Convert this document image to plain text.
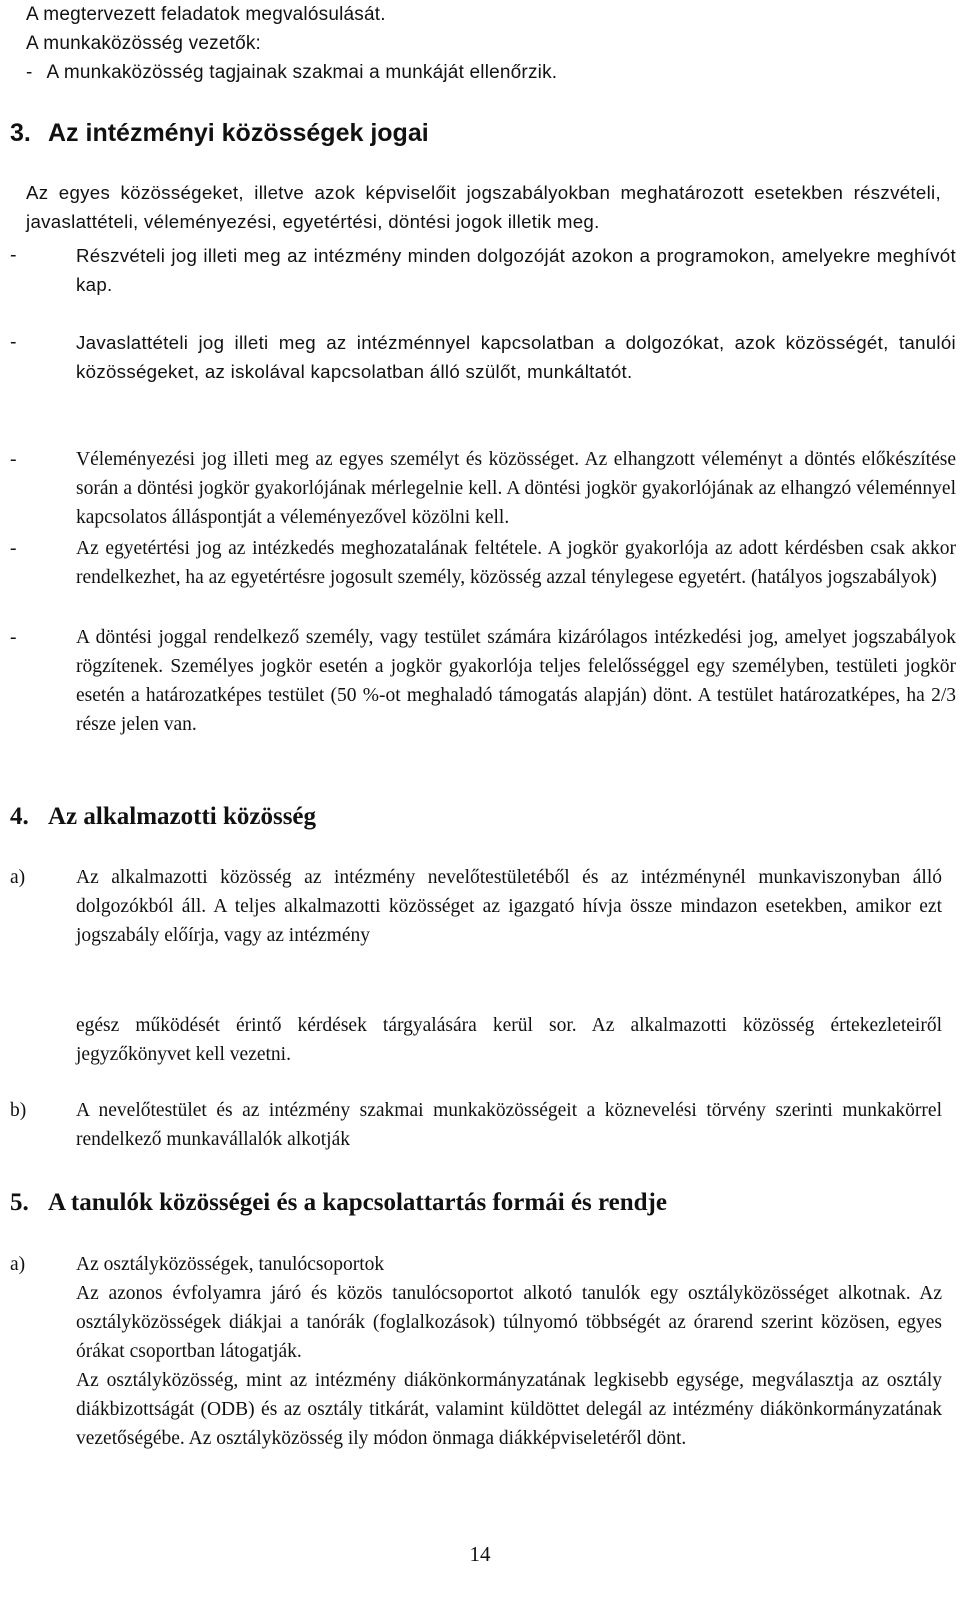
A megtervezett feladatok megvalósulását.
A munkaközösség vezetők:
- A munkaközösség tagjainak szakmai a munkáját ellenőrzik.
3. Az intézményi közösségek jogai

Az egyes közösségeket, illetve azok képviselőit jogszabályokban meghatározott esetekben részvételi, javaslattételi, véleményezési, egyetértési, döntési jogok illetik meg.

-	Részvételi jog illeti meg az intézmény minden dolgozóját azokon a programokon, amelyekre meghívót kap.

-	Javaslattételi jog illeti meg az intézménnyel kapcsolatban a dolgozókat, azok közösségét, tanulói közösségeket, az iskolával kapcsolatban álló szülőt, munkáltatót.

-	Véleményezési jog illeti meg az egyes személyt és közösséget. Az elhangzott véleményt a döntés előkészítése során a döntési jogkör gyakorlójának mérlegelnie kell. A döntési jogkör gyakorlójának az elhangzó véleménnyel kapcsolatos álláspontját a véleményezővel közölni kell.

-	Az egyetértési jog az intézkedés meghozatalának feltétele. A jogkör gyakorlója az adott kérdésben csak akkor rendelkezhet, ha az egyetértésre jogosult személy, közösség azzal ténylegese egyetért. (hatályos jogszabályok)

-	A döntési joggal rendelkező személy, vagy testület számára kizárólagos intézkedési jog, amelyet jogszabályok rögzítenek. Személyes jogkör esetén a jogkör gyakorlója teljes felelősséggel egy személyben, testületi jogkör esetén a határozatképes testület (50 %-ot meghaladó támogatás alapján) dönt. A testület határozatképes, ha 2/3 része jelen van.

4. Az alkalmazotti közösség
a)	Az alkalmazotti közösség az intézmény nevelőtestületéből és az intézménynél munkaviszonyban álló dolgozókból áll. A teljes alkalmazotti közösséget az igazgató hívja össze mindazon esetekben, amikor ezt jogszabály előírja, vagy az intézmény

egész működését érintő kérdések tárgyalására kerül sor. Az alkalmazotti közösség értekezleteiről jegyzőkönyvet kell vezetni.

b)	A nevelőtestület és az intézmény szakmai munkaközösségeit a köznevelési törvény szerinti munkakörrel rendelkező munkavállalók alkotják

5. A tanulók közösségei és a kapcsolattartás formái és rendje
a)	Az osztályközösségek, tanulócsoportok

Az azonos évfolyamra járó és közös tanulócsoportot alkotó tanulók egy osztályközösséget alkotnak. Az osztályközösségek diákjai a tanórák (foglalkozások) túlnyomó többségét az órarend szerint közösen, egyes órákat csoportban látogatják.

Az osztályközösség, mint az intézmény diákönkormányzatának legkisebb egysége, megválasztja az osztály diákbizottságát (ODB) és az osztály titkárát, valamint küldöttet delegál az intézmény diákönkormányzatának vezetőségébe. Az osztályközösség ily módon önmaga diákképviseletéről dönt.

14
